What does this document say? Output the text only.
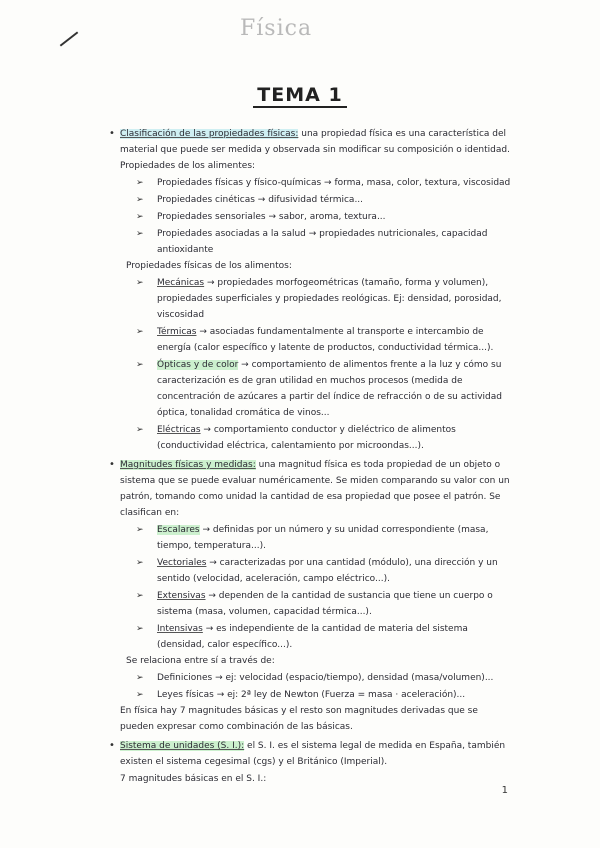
Física
TEMA 1
• Clasificación de las propiedades físicas: una propiedad física es una característica del material que puede ser medida y observada sin modificar su composición o identidad. Propiedades de los alimentes:
➢ Propiedades físicas y físico-químicas → forma, masa, color, textura, viscosidad
➢ Propiedades cinéticas → difusividad térmica...
➢ Propiedades sensoriales → sabor, aroma, textura...
➢ Propiedades asociadas a la salud → propiedades nutricionales, capacidad antioxidante
Propiedades físicas de los alimentos:
➢ Mecánicas → propiedades morfogeométricas (tamaño, forma y volumen), propiedades superficiales y propiedades reológicas. Ej: densidad, porosidad, viscosidad
➢ Térmicas → asociadas fundamentalmente al transporte e intercambio de energía (calor específico y latente de productos, conductividad térmica...).
➢ Ópticas y de color → comportamiento de alimentos frente a la luz y cómo su caracterización es de gran utilidad en muchos procesos (medida de concentración de azúcares a partir del índice de refracción o de su actividad óptica, tonalidad cromática de vinos...
➢ Eléctricas → comportamiento conductor y dieléctrico de alimentos (conductividad eléctrica, calentamiento por microondas...).
• Magnitudes físicas y medidas: una magnitud física es toda propiedad de un objeto o sistema que se puede evaluar numéricamente. Se miden comparando su valor con un patrón, tomando como unidad la cantidad de esa propiedad que posee el patrón. Se clasifican en:
➢ Escalares → definidas por un número y su unidad correspondiente (masa, tiempo, temperatura...).
➢ Vectoriales → caracterizadas por una cantidad (módulo), una dirección y un sentido (velocidad, aceleración, campo eléctrico...).
➢ Extensivas → dependen de la cantidad de sustancia que tiene un cuerpo o sistema (masa, volumen, capacidad térmica...).
➢ Intensivas → es independiente de la cantidad de materia del sistema (densidad, calor específico...).
Se relaciona entre sí a través de:
➢ Definiciones → ej: velocidad (espacio/tiempo), densidad (masa/volumen)...
➢ Leyes físicas → ej: 2ª ley de Newton (Fuerza = masa · aceleración)...
En física hay 7 magnitudes básicas y el resto son magnitudes derivadas que se pueden expresar como combinación de las básicas.
• Sistema de unidades (S. I.): el S. I. es el sistema legal de medida en España, también existen el sistema cegesimal (cgs) y el Británico (Imperial).
7 magnitudes básicas en el S. I.:
1
